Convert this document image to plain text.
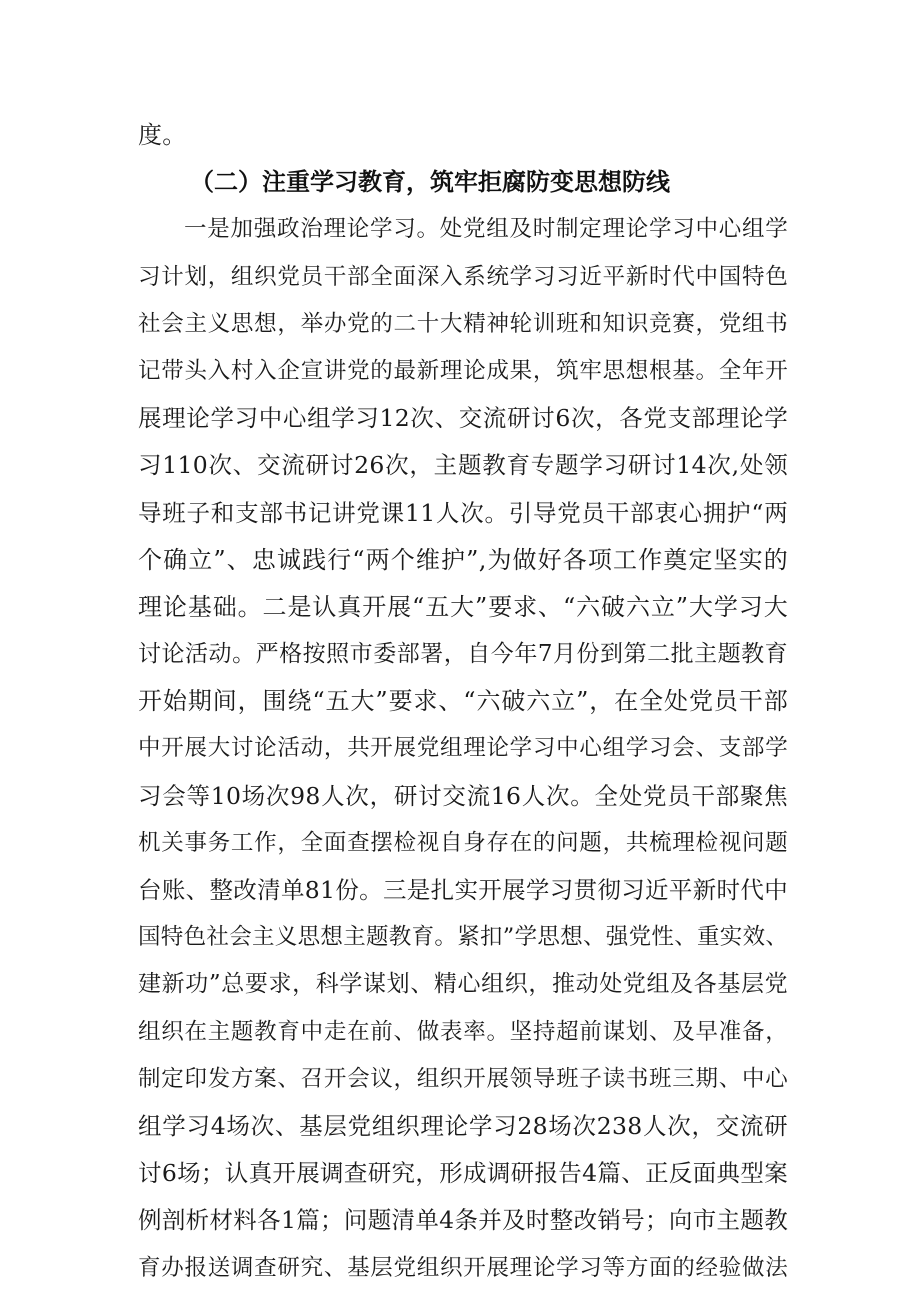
度。
（二）注重学习教育，筑牢拒腐防变思想防线
一是加强政治理论学习。处党组及时制定理论学习中心组学
习计划，组织党员干部全面深入系统学习习近平新时代中国特色
社会主义思想，举办党的二十大精神轮训班和知识竞赛，党组书
记带头入村入企宣讲党的最新理论成果，筑牢思想根基。全年开
展理论学习中心组学习12次、交流研讨6次，各党支部理论学
习110次、交流研讨26次，主题教育专题学习研讨14次,处领
导班子和支部书记讲党课11人次。引导党员干部衷心拥护“两
个确立”、忠诚践行“两个维护”,为做好各项工作奠定坚实的
理论基础。二是认真开展“五大”要求、“六破六立”大学习大
讨论活动。严格按照市委部署，自今年7月份到第二批主题教育
开始期间，围绕“五大”要求、“六破六立”，在全处党员干部
中开展大讨论活动，共开展党组理论学习中心组学习会、支部学
习会等10场次98人次，研讨交流16人次。全处党员干部聚焦
机关事务工作，全面查摆检视自身存在的问题，共梳理检视问题
台账、整改清单81份。三是扎实开展学习贯彻习近平新时代中
国特色社会主义思想主题教育。紧扣”学思想、强党性、重实效、
建新功”总要求，科学谋划、精心组织，推动处党组及各基层党
组织在主题教育中走在前、做表率。坚持超前谋划、及早准备，
制定印发方案、召开会议，组织开展领导班子读书班三期、中心
组学习4场次、基层党组织理论学习28场次238人次，交流研
讨6场；认真开展调查研究，形成调研报告4篇、正反面典型案
例剖析材料各1篇；问题清单4条并及时整改销号；向市主题教
育办报送调查研究、基层党组织开展理论学习等方面的经验做法
